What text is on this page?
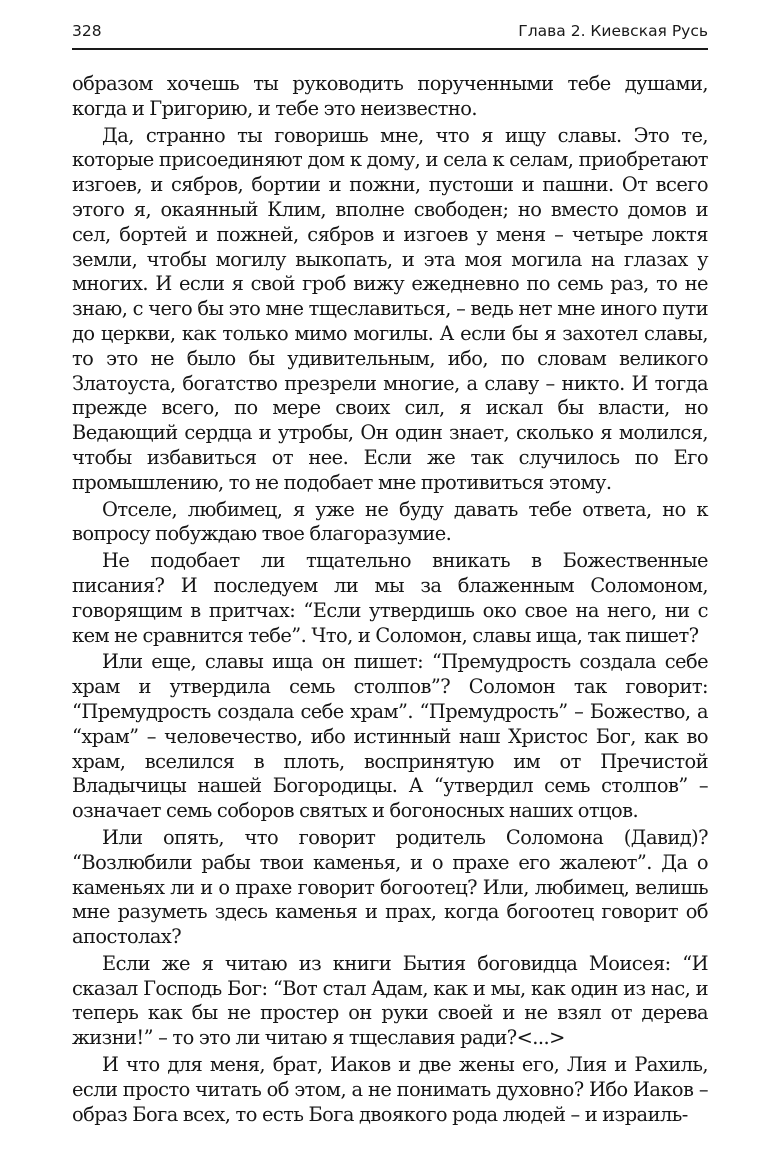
328	Глава 2. Киевская Русь

образом хочешь ты руководить порученными тебе душами, когда и Григорию, и тебе это неизвестно.

Да, странно ты говоришь мне, что я ищу славы. Это те, которые присоединяют дом к дому, и села к селам, приобретают изгоев, и сябров, бортии и пожни, пустоши и пашни. От всего этого я, окаянный Клим, вполне свободен; но вместо домов и сел, бортей и пожней, сябров и изгоев у меня – четыре локтя земли, чтобы могилу выкопать, и эта моя могила на глазах у многих. И если я свой гроб вижу ежедневно по семь раз, то не знаю, с чего бы это мне тщеславиться, – ведь нет мне иного пути до церкви, как только мимо могилы. А если бы я захотел славы, то это не было бы удивительным, ибо, по словам великого Златоуста, богатство презрели многие, а славу – никто. И тогда прежде всего, по мере своих сил, я искал бы власти, но Ведающий сердца и утробы, Он один знает, сколько я молился, чтобы избавиться от нее. Если же так случилось по Его промышлению, то не подобает мне противиться этому.

Отселе, любимец, я уже не буду давать тебе ответа, но к вопросу побуждаю твое благоразумие.

Не подобает ли тщательно вникать в Божественные писания? И последуем ли мы за блаженным Соломоном, говорящим в притчах: “Если утвердишь око свое на него, ни с кем не сравнится тебе”. Что, и Соломон, славы ища, так пишет?

Или еще, славы ища он пишет: “Премудрость создала себе храм и утвердила семь столпов”? Соломон так говорит: “Премудрость создала себе храм”. “Премудрость” – Божество, а “храм” – человечество, ибо истинный наш Христос Бог, как во храм, вселился в плоть, воспринятую им от Пречистой Владычицы нашей Богородицы. А “утвердил семь столпов” – означает семь соборов святых и богоносных наших отцов.

Или опять, что говорит родитель Соломона (Давид)? “Возлюбили рабы твои каменья, и о прахе его жалеют”. Да о каменьях ли и о прахе говорит богоотец? Или, любимец, велишь мне разуметь здесь каменья и прах, когда богоотец говорит об апостолах?

Если же я читаю из книги Бытия боговидца Моисея: “И сказал Господь Бог: “Вот стал Адам, как и мы, как один из нас, и теперь как бы не простер он руки своей и не взял от дерева жизни!” – то это ли читаю я тщеславия ради?<...>

И что для меня, брат, Иаков и две жены его, Лия и Рахиль, если просто читать об этом, а не понимать духовно? Ибо Иаков – образ Бога всех, то есть Бога двоякого рода людей – и израиль-
